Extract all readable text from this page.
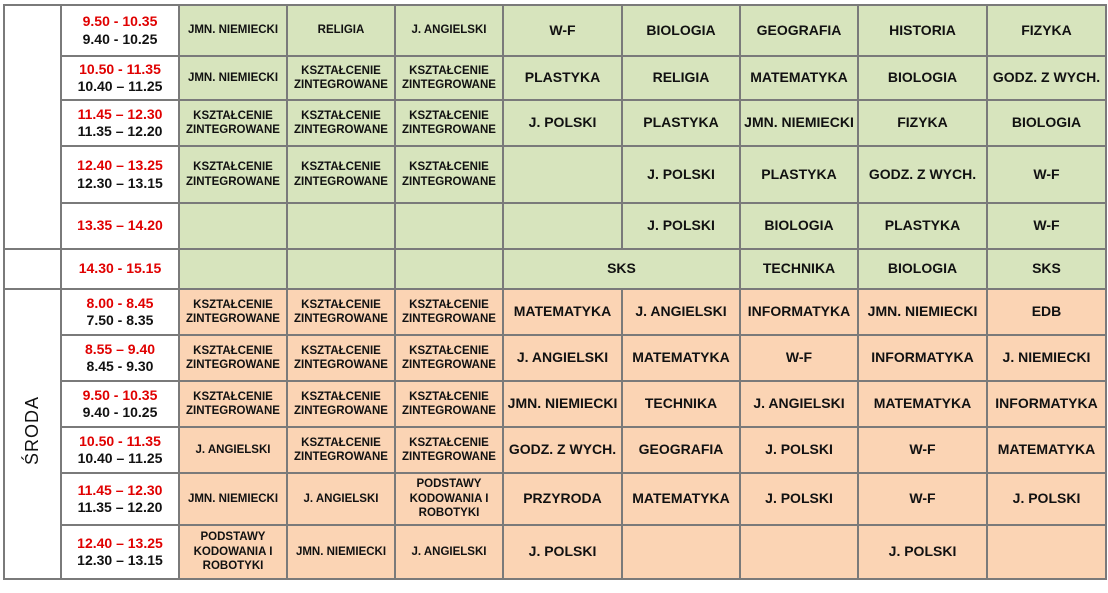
	9.50 - 10.35
9.40 - 10.25	JMN. NIEMIECKI	RELIGIA	J. ANGIELSKI	W-F	BIOLOGIA	GEOGRAFIA	HISTORIA	FIZYKA

	10.50 - 11.35
10.40 – 11.25	JMN. NIEMIECKI	KSZTAŁCENIE ZINTEGROWANE	KSZTAŁCENIE ZINTEGROWANE	PLASTYKA	RELIGIA	MATEMATYKA	BIOLOGIA	GODZ. Z WYCH.

	11.45 – 12.30
11.35 – 12.20	KSZTAŁCENIE ZINTEGROWANE	KSZTAŁCENIE ZINTEGROWANE	KSZTAŁCENIE ZINTEGROWANE	J. POLSKI	PLASTYKA	JMN. NIEMIECKI	FIZYKA	BIOLOGIA

	12.40 – 13.25
12.30 – 13.15	KSZTAŁCENIE ZINTEGROWANE	KSZTAŁCENIE ZINTEGROWANE	KSZTAŁCENIE ZINTEGROWANE		J. POLSKI	PLASTYKA	GODZ. Z WYCH.	W-F

	13.35 – 14.20					J. POLSKI	BIOLOGIA	PLASTYKA	W-F

	14.30 - 15.15				SKS		TECHNIKA	BIOLOGIA	SKS
ŚRODA	8.00 - 8.45
7.50 - 8.35	KSZTAŁCENIE ZINTEGROWANE	KSZTAŁCENIE ZINTEGROWANE	KSZTAŁCENIE ZINTEGROWANE	MATEMATYKA	J. ANGIELSKI	INFORMATYKA	JMN. NIEMIECKI	EDB

	8.55 – 9.40
8.45 - 9.30	KSZTAŁCENIE ZINTEGROWANE	KSZTAŁCENIE ZINTEGROWANE	KSZTAŁCENIE ZINTEGROWANE	J. ANGIELSKI	MATEMATYKA	W-F	INFORMATYKA	J. NIEMIECKI

	9.50 - 10.35
9.40 - 10.25	KSZTAŁCENIE ZINTEGROWANE	KSZTAŁCENIE ZINTEGROWANE	KSZTAŁCENIE ZINTEGROWANE	JMN. NIEMIECKI	TECHNIKA	J. ANGIELSKI	MATEMATYKA	INFORMATYKA

	10.50 - 11.35
10.40 – 11.25	J. ANGIELSKI	KSZTAŁCENIE ZINTEGROWANE	KSZTAŁCENIE ZINTEGROWANE	GODZ. Z WYCH.	GEOGRAFIA	J. POLSKI	W-F	MATEMATYKA

	11.45 – 12.30
11.35 – 12.20	JMN. NIEMIECKI	J. ANGIELSKI	PODSTAWY KODOWANIA I ROBOTYKI	PRZYRODA	MATEMATYKA	J. POLSKI	W-F	J. POLSKI

	12.40 – 13.25
12.30 – 13.15	PODSTAWY KODOWANIA I ROBOTYKI	JMN. NIEMIECKI	J. ANGIELSKI	J. POLSKI			J. POLSKI	
